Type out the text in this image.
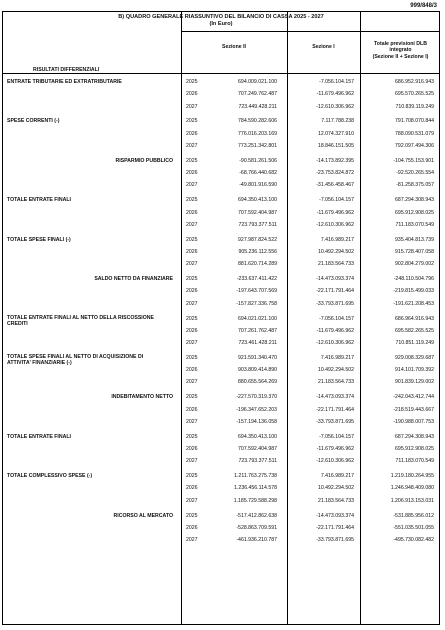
999/848/3
B) QUADRO GENERALE RIASSUNTIVO DEL BILANCIO DI CASSA 2025 - 2027
(In Euro)
Sezione II	Sezione I	Totale previsioni DLB
integrato
(Sezione II + Sezione I)
RISULTATI DIFFERENZIALI
ENTRATE TRIBUTARIE ED EXTRATRIBUTARIE	2025	694.009.021.100	-7.056.104.157	686.952.916.943
2026	707.249.762.487	-11.679.496.962	695.570.265.525
2027	723.449.428.211	-12.610.306.962	710.839.119.249
SPESE CORRENTI (-)	2025	784.590.282.606	7.117.788.238	791.708.070.844
2026	776.016.203.169	12.074.327.910	788.090.531.079
2027	773.251.342.801	18.846.151.505	792.097.494.306
RISPARMIO PUBBLICO	2025	-90.581.261.506	-14.173.892.395	-104.755.153.901
2026	-68.766.440.682	-23.753.824.872	-92.520.265.554
2027	-49.801.916.590	-31.456.458.467	-81.258.375.057
TOTALE ENTRATE FINALI	2025	694.350.413.100	-7.056.104.157	687.294.308.943
2026	707.592.404.987	-11.679.496.962	695.912.908.025
2027	723.793.377.511	-12.610.306.962	711.183.070.549
TOTALE SPESE FINALI (-)	2025	927.987.824.522	7.416.989.217	935.404.813.739
2026	905.236.112.556	10.492.294.502	915.728.407.058
2027	881.620.714.289	21.183.564.733	902.804.279.002
SALDO NETTO DA FINANZIARE	2025	-233.637.411.422	-14.473.093.374	-248.110.504.796
2026	-197.643.707.569	-22.171.791.464	-219.815.499.033
2027	-157.827.336.758	-33.793.871.695	-191.621.208.453
TOTALE ENTRATE FINALI AL NETTO DELLA RISCOSSIONE CREDITI
2025	694.021.021.100	-7.056.104.157	686.964.916.943
2026	707.261.762.487	-11.679.496.962	695.582.265.525
2027	723.461.428.211	-12.610.306.962	710.851.119.249
TOTALE SPESE FINALI AL NETTO DI ACQUISIZIONE DI ATTIVITA' FINANZIARIE (-)
2025	921.591.340.470	7.416.989.217	929.008.329.687
2026	903.809.414.890	10.492.294.502	914.101.709.392
2027	880.655.564.269	21.183.564.733	901.839.129.002
INDEBITAMENTO NETTO	2025	-227.570.319.370	-14.473.093.374	-242.043.412.744
2026	-196.347.652.203	-22.171.791.464	-218.519.443.667
2027	-157.194.136.058	-33.793.871.695	-190.988.007.753
TOTALE ENTRATE FINALI	2025	694.350.413.100	-7.056.104.157	687.294.308.943
2026	707.592.404.987	-11.679.496.962	695.912.908.025
2027	723.793.377.511	-12.610.306.962	711.183.070.549
TOTALE COMPLESSIVO SPESE (-)	2025	1.211.763.275.738	7.416.989.217	1.219.180.264.955
2026	1.236.456.114.578	10.492.294.502	1.246.948.409.080
2027	1.185.729.588.298	21.183.564.733	1.206.913.153.031
RICORSO AL MERCATO	2025	-517.412.862.638	-14.473.093.374	-531.885.956.012
2026	-528.863.709.591	-22.171.791.464	-551.035.501.055
2027	-461.936.210.787	-33.793.871.695	-495.730.082.482
